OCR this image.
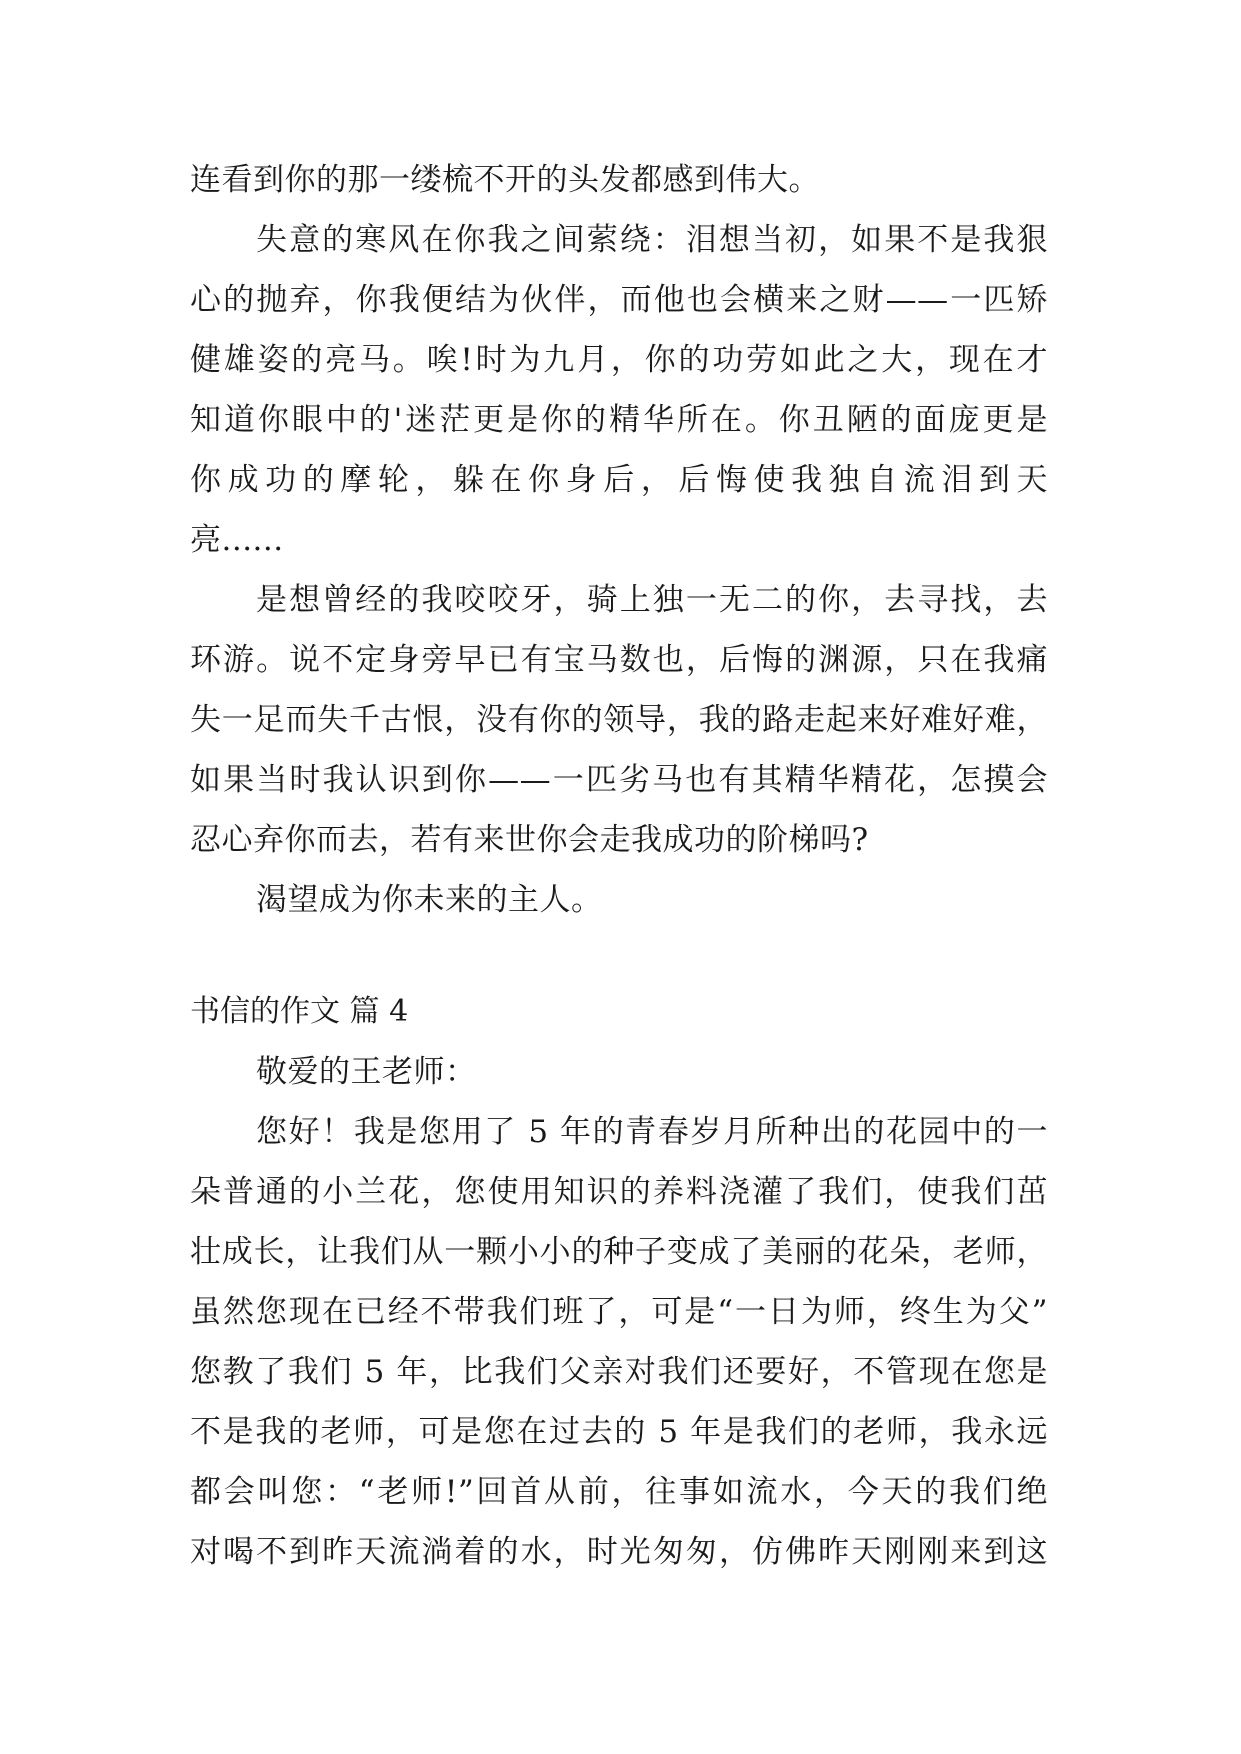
连看到你的那一缕梳不开的头发都感到伟大。
失意的寒风在你我之间萦绕：泪想当初，如果不是我狠
心的抛弃，你我便结为伙伴，而他也会横来之财——一匹矫
健雄姿的亮马。唉!时为九月，你的功劳如此之大，现在才
知道你眼中的'迷茫更是你的精华所在。你丑陋的面庞更是
你成功的摩轮，躲在你身后，后悔使我独自流泪到天
亮......
是想曾经的我咬咬牙，骑上独一无二的你，去寻找，去
环游。说不定身旁早已有宝马数也，后悔的渊源，只在我痛
失一足而失千古恨，没有你的领导，我的路走起来好难好难，
如果当时我认识到你——一匹劣马也有其精华精花，怎摸会
忍心弃你而去，若有来世你会走我成功的阶梯吗?
渴望成为你未来的主人。
书信的作文 篇 4
敬爱的王老师：
您好！我是您用了 5 年的青春岁月所种出的花园中的一
朵普通的小兰花，您使用知识的养料浇灌了我们，使我们茁
壮成长，让我们从一颗小小的种子变成了美丽的花朵，老师，
虽然您现在已经不带我们班了，可是“一日为师，终生为父”
您教了我们 5 年，比我们父亲对我们还要好，不管现在您是
不是我的老师，可是您在过去的 5 年是我们的老师，我永远
都会叫您：“老师!”回首从前，往事如流水，今天的我们绝
对喝不到昨天流淌着的水，时光匆匆，仿佛昨天刚刚来到这
